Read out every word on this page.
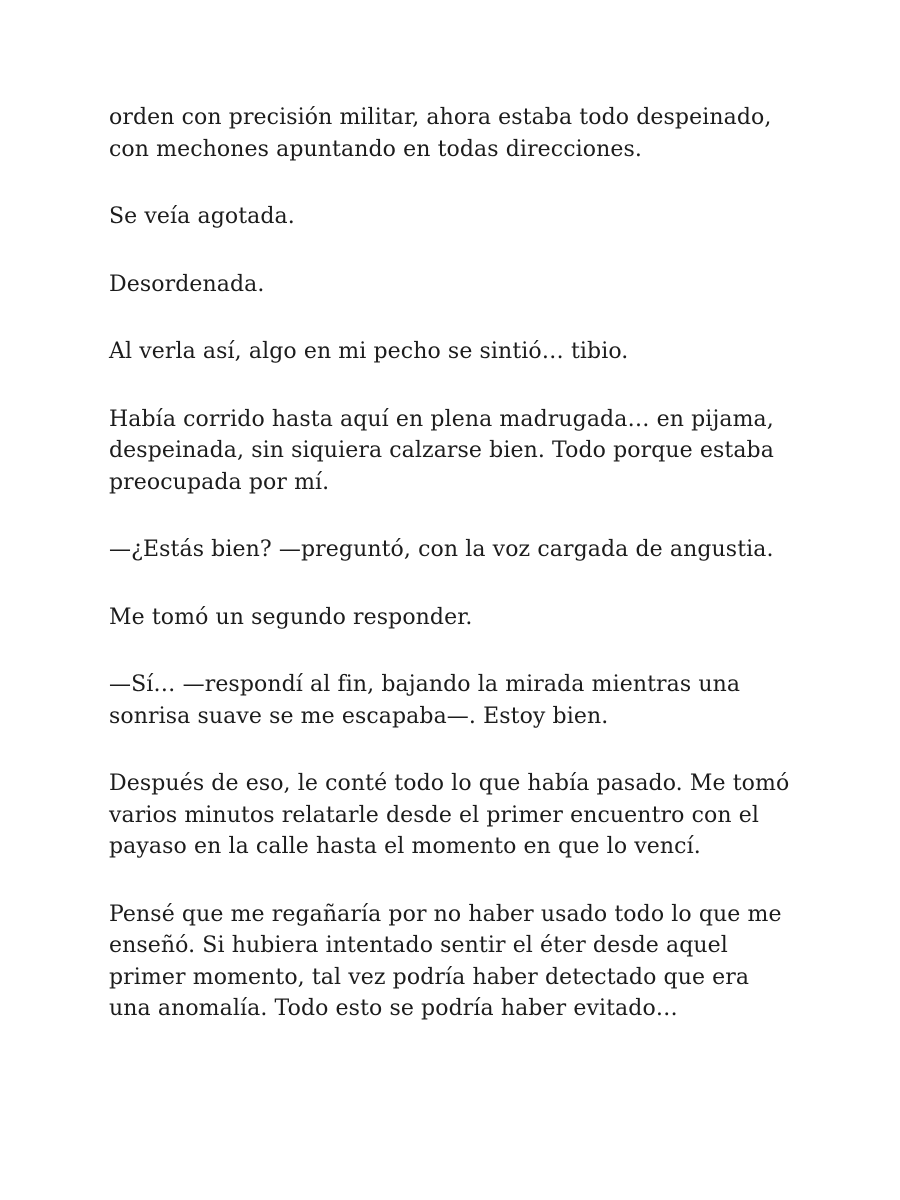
orden con precisión militar, ahora estaba todo despeinado,
con mechones apuntando en todas direcciones.

Se veía agotada.

Desordenada.

Al verla así, algo en mi pecho se sintió… tibio.

Había corrido hasta aquí en plena madrugada… en pijama,
despeinada, sin siquiera calzarse bien. Todo porque estaba
preocupada por mí.

—¿Estás bien? —preguntó, con la voz cargada de angustia.

Me tomó un segundo responder.

—Sí… —respondí al fin, bajando la mirada mientras una
sonrisa suave se me escapaba—. Estoy bien.

Después de eso, le conté todo lo que había pasado. Me tomó
varios minutos relatarle desde el primer encuentro con el
payaso en la calle hasta el momento en que lo vencí.

Pensé que me regañaría por no haber usado todo lo que me
enseñó. Si hubiera intentado sentir el éter desde aquel
primer momento, tal vez podría haber detectado que era
una anomalía. Todo esto se podría haber evitado…
